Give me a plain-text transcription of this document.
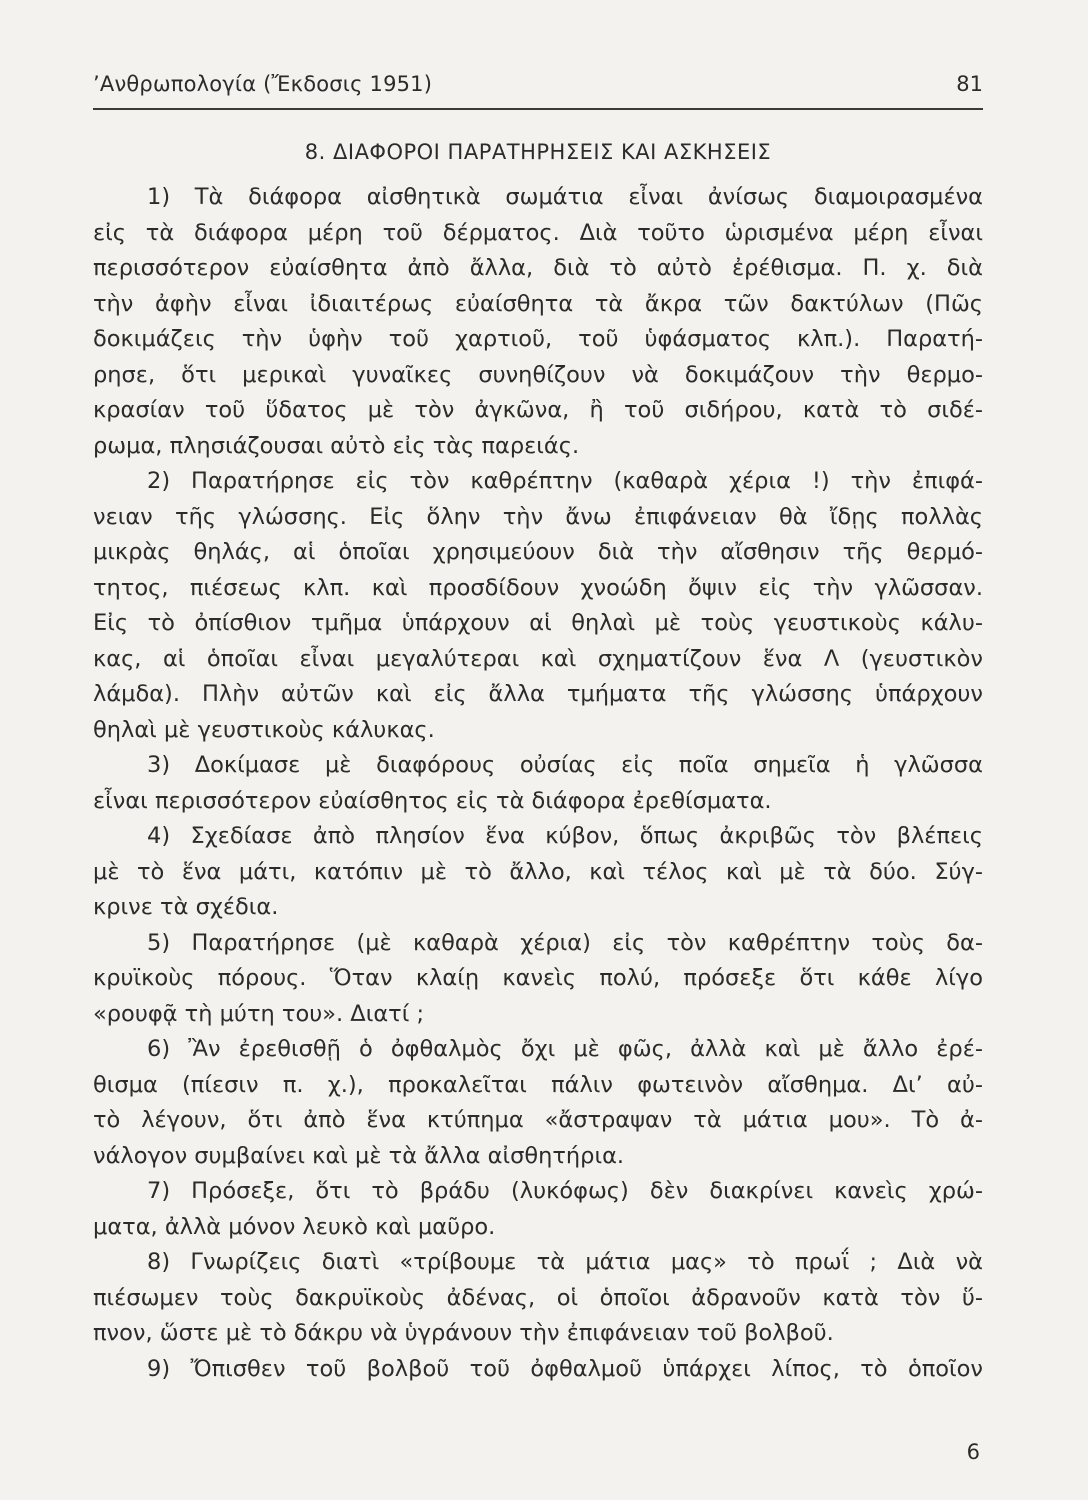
’Ανθρωπολογία (Ἔκδοσις 1951)	81
8. ΔΙΑΦΟΡΟΙ ΠΑΡΑΤΗΡΗΣΕΙΣ ΚΑΙ ΑΣΚΗΣΕΙΣ
1) Τὰ διάφορα αἰσθητικὰ σωμάτια εἶναι ἀνίσως διαμοιρασμένα
εἰς τὰ διάφορα μέρη τοῦ δέρματος. Διὰ τοῦτο ὡρισμένα μέρη εἶναι
περισσότερον εὐαίσθητα ἀπὸ ἄλλα, διὰ τὸ αὐτὸ ἐρέθισμα. Π. χ. διὰ
τὴν ἀφὴν εἶναι ἰδιαιτέρως εὐαίσθητα τὰ ἄκρα τῶν δακτύλων (Πῶς
δοκιμάζεις τὴν ὑφὴν τοῦ χαρτιοῦ, τοῦ ὑφάσματος κλπ.). Παρατή-
ρησε, ὅτι μερικαὶ γυναῖκες συνηθίζουν νὰ δοκιμάζουν τὴν θερμο-
κρασίαν τοῦ ὕδατος μὲ τὸν ἀγκῶνα, ἢ τοῦ σιδήρου, κατὰ τὸ σιδέ-
ρωμα, πλησιάζουσαι αὐτὸ εἰς τὰς παρειάς.
2) Παρατήρησε εἰς τὸν καθρέπτην (καθαρὰ χέρια !) τὴν ἐπιφά-
νειαν τῆς γλώσσης. Εἰς ὅλην τὴν ἄνω ἐπιφάνειαν θὰ ἴδῃς πολλὰς
μικρὰς θηλάς, αἱ ὁποῖαι χρησιμεύουν διὰ τὴν αἴσθησιν τῆς θερμό-
τητος, πιέσεως κλπ. καὶ προσδίδουν χνοώδη ὄψιν εἰς τὴν γλῶσσαν.
Εἰς τὸ ὀπίσθιον τμῆμα ὑπάρχουν αἱ θηλαὶ μὲ τοὺς γευστικοὺς κάλυ-
κας, αἱ ὁποῖαι εἶναι μεγαλύτεραι καὶ σχηματίζουν ἕνα Λ (γευστικὸν
λάμδα). Πλὴν αὐτῶν καὶ εἰς ἄλλα τμήματα τῆς γλώσσης ὑπάρχουν
θηλαὶ μὲ γευστικοὺς κάλυκας.
3) Δοκίμασε μὲ διαφόρους οὐσίας εἰς ποῖα σημεῖα ἡ γλῶσσα
εἶναι περισσότερον εὐαίσθητος εἰς τὰ διάφορα ἐρεθίσματα.
4) Σχεδίασε ἀπὸ πλησίον ἕνα κύβον, ὅπως ἀκριβῶς τὸν βλέπεις
μὲ τὸ ἕνα μάτι, κατόπιν μὲ τὸ ἄλλο, καὶ τέλος καὶ μὲ τὰ δύο. Σύγ-
κρινε τὰ σχέδια.
5) Παρατήρησε (μὲ καθαρὰ χέρια) εἰς τὸν καθρέπτην τοὺς δα-
κρυϊκοὺς πόρους. Ὅταν κλαίῃ κανεὶς πολύ, πρόσεξε ὅτι κάθε λίγο
«ρουφᾷ τὴ μύτη του». Διατί ;
6) Ἂν ἐρεθισθῇ ὁ ὀφθαλμὸς ὄχι μὲ φῶς, ἀλλὰ καὶ μὲ ἄλλο ἐρέ-
θισμα (πίεσιν π. χ.), προκαλεῖται πάλιν φωτεινὸν αἴσθημα. Δι’ αὐ-
τὸ λέγουν, ὅτι ἀπὸ ἕνα κτύπημα «ἄστραψαν τὰ μάτια μου». Τὸ ἀ-
νάλογον συμβαίνει καὶ μὲ τὰ ἄλλα αἰσθητήρια.
7) Πρόσεξε, ὅτι τὸ βράδυ (λυκόφως) δὲν διακρίνει κανεὶς χρώ-
ματα, ἀλλὰ μόνον λευκὸ καὶ μαῦρο.
8) Γνωρίζεις διατὶ «τρίβουμε τὰ μάτια μας» τὸ πρωΐ ; Διὰ νὰ
πιέσωμεν τοὺς δακρυϊκοὺς ἀδένας, οἱ ὁποῖοι ἀδρανοῦν κατὰ τὸν ὕ-
πνον, ὥστε μὲ τὸ δάκρυ νὰ ὑγράνουν τὴν ἐπιφάνειαν τοῦ βολβοῦ.
9) Ὄπισθεν τοῦ βολβοῦ τοῦ ὀφθαλμοῦ ὑπάρχει λίπος, τὸ ὁποῖον
6
